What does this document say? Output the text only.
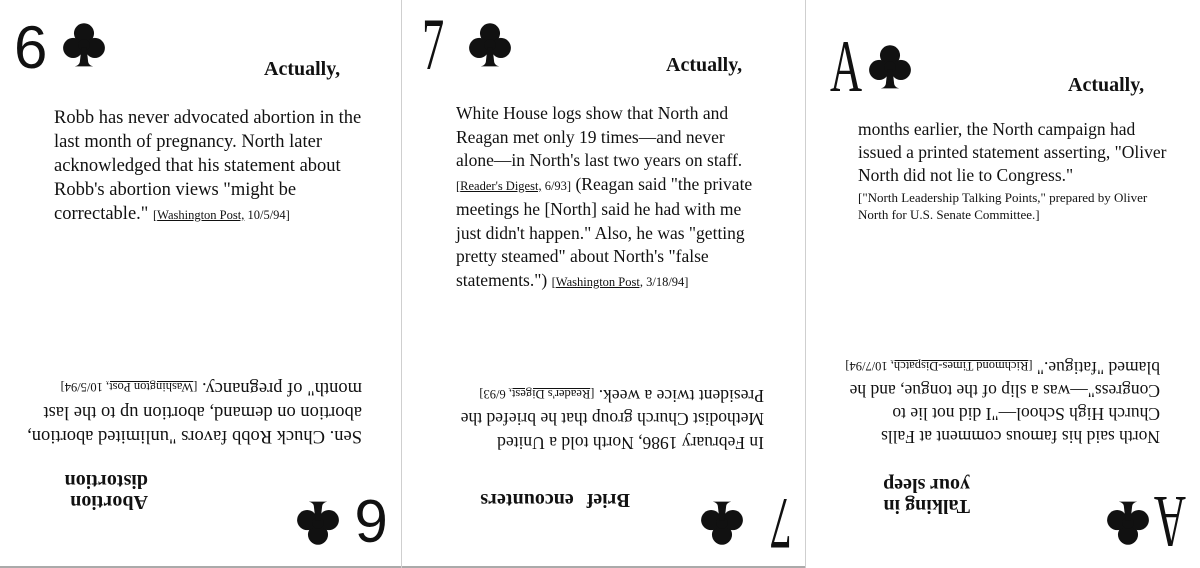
6	Actually,
Robb has never advocated abortion in the last month of pregnancy. North later acknowledged that his statement about Robb's abortion views "might be correctable." [Washington Post, 10/5/94]
6
Abortion
distortion
Sen. Chuck Robb favors "unlimited abortion, abortion on demand, abortion up to the last month" of pregnancy. [Washington Post, 10/5/94]
7	Actually,
White House logs show that North and Reagan met only 19 times—and never alone—in North's last two years on staff. [Reader's Digest, 6/93] (Reagan said "the private meetings he [North] said he had with me just didn't happen." Also, he was "getting pretty steamed" about North's "false statements.") [Washington Post, 3/18/94]
7
Brief encounters
In February 1986, North told a United Methodist Church group that he briefed the President twice a week. [Reader's Digest, 6/93]
A	Actually,
months earlier, the North campaign had issued a printed statement asserting, "Oliver North did not lie to Congress."
["North Leadership Talking Points," prepared by Oliver North for U.S. Senate Committee.]
A
Talking in
your sleep
North said his famous comment at Falls Church High School—"I did not lie to Congress"—was a slip of the tongue, and he blamed "fatigue." [Richmond Times-Dispatch, 10/7/94]
